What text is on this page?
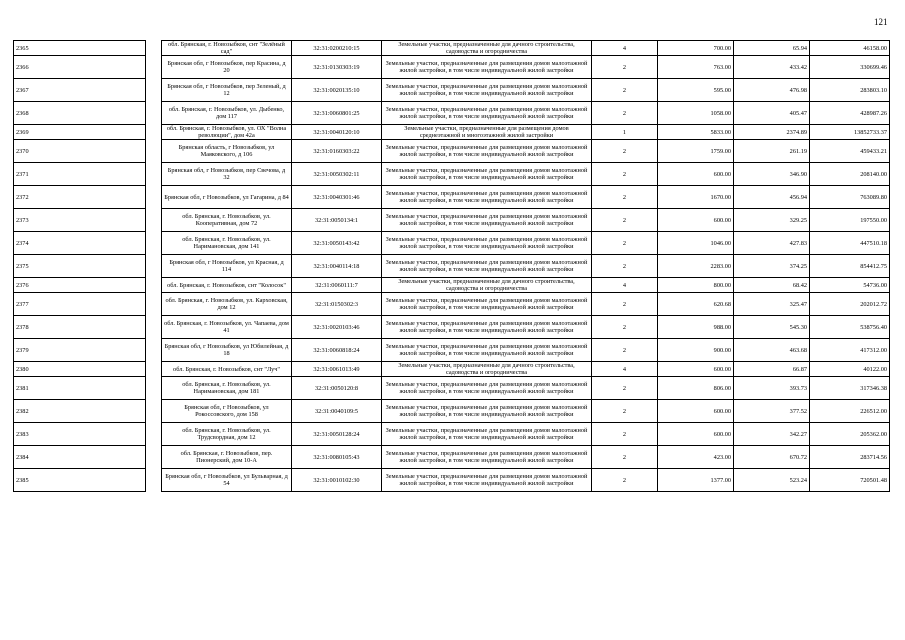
121
2365		обл. Брянская, г. Новозыбков, снт "Зелёный сад"	32:31:0200210:15	Земельные участки, предназначенные для дачного строительства, садоводства и огородничества	4	700.00	65.94	46158.00
2366		Брянская обл, г Новозыбков, пер Красина, д 20	32:31:0130303:19	Земельные участки, предназначенные для размещения домов малоэтажной жилой застройки, в том числе индивидуальной жилой застройки	2	763.00	433.42	330699.46
2367		Брянская обл, г Новозыбков, пер Зеленый, д 12	32:31:0020135:10	Земельные участки, предназначенные для размещения домов малоэтажной жилой застройки, в том числе индивидуальной жилой застройки	2	595.00	476.98	283803.10
2368		обл. Брянская, г. Новозыбков, ул. Дыбенко, дом 117	32:31:0060801:25	Земельные участки, предназначенные для размещения домов малоэтажной жилой застройки, в том числе индивидуальной жилой застройки	2	1058.00	405.47	428987.26
2369		обл. Брянская, г. Новозыбков, ул. ОХ "Волна революции", дом 42а	32:31:0040120:10	Земельные участки, предназначенные для размещения домов среднеэтажной и многоэтажной жилой застройки	1	5833.00	2374.89	13852733.37
2370		Брянская область, г Новозыбков, ул Маяковского, д 106	32:31:0160303:22	Земельные участки, предназначенные для размещения домов малоэтажной жилой застройки, в том числе индивидуальной жилой застройки	2	1759.00	261.19	459433.21
2371		Брянская обл, г Новозыбков, пер Свечова, д 32	32:31:0050302:11	Земельные участки, предназначенные для размещения домов малоэтажной жилой застройки, в том числе индивидуальной жилой застройки	2	600.00	346.90	208140.00
2372		Брянская обл, г Новозыбков, ул Гагарина, д 84	32:31:0040301:46	Земельные участки, предназначенные для размещения домов малоэтажной жилой застройки, в том числе индивидуальной жилой застройки	2	1670.00	456.94	763089.80
2373		обл. Брянская, г. Новозыбков, ул. Кооперативная, дом 72	32:31:0050134:1	Земельные участки, предназначенные для размещения домов малоэтажной жилой застройки, в том числе индивидуальной жилой застройки	2	600.00	329.25	197550.00
2374		обл. Брянская, г. Новозыбков, ул. Наримановская, дом 141	32:31:0050143:42	Земельные участки, предназначенные для размещения домов малоэтажной жилой застройки, в том числе индивидуальной жилой застройки	2	1046.00	427.83	447510.18
2375		Брянская обл, г Новозыбков, ул Красная, д 114	32:31:0040114:18	Земельные участки, предназначенные для размещения домов малоэтажной жилой застройки, в том числе индивидуальной жилой застройки	2	2283.00	374.25	854412.75
2376		обл. Брянская, г. Новозыбков, снт "Колосок"	32:31:0060111:7	Земельные участки, предназначенные для дачного строительства, садоводства и огородничества	4	800.00	68.42	54736.00
2377		обл. Брянская, г. Новозыбков, ул. Карховская, дом 12	32:31:0150302:3	Земельные участки, предназначенные для размещения домов малоэтажной жилой застройки, в том числе индивидуальной жилой застройки	2	620.68	325.47	202012.72
2378		обл. Брянская, г. Новозыбков, ул. Чапаева, дом 41	32:31:0020103:46	Земельные участки, предназначенные для размещения домов малоэтажной жилой застройки, в том числе индивидуальной жилой застройки	2	988.00	545.30	538756.40
2379		Брянская обл, г Новозыбков, ул Юбилейная, д 18	32:31:0060818:24	Земельные участки, предназначенные для размещения домов малоэтажной жилой застройки, в том числе индивидуальной жилой застройки	2	900.00	463.68	417312.00
2380		обл. Брянская, г. Новозыбков, снт "Луч"	32:31:0061013:49	Земельные участки, предназначенные для дачного строительства, садоводства и огородничества	4	600.00	66.87	40122.00
2381		обл. Брянская, г. Новозыбков, ул. Наримановская, дом 181	32:31:0050120:8	Земельные участки, предназначенные для размещения домов малоэтажной жилой застройки, в том числе индивидуальной жилой застройки	2	806.00	393.73	317346.38
2382		Брянская обл, г Новозыбков, ул Рокоссовского, дом 158	32:31:0040109:5	Земельные участки, предназначенные для размещения домов малоэтажной жилой застройки, в том числе индивидуальной жилой застройки	2	600.00	377.52	226512.00
2383		обл. Брянская, г. Новозыбков, ул. Трудсвордная, дом 12	32:31:0050128:24	Земельные участки, предназначенные для размещения домов малоэтажной жилой застройки, в том числе индивидуальной жилой застройки	2	600.00	342.27	205362.00
2384		обл. Брянская, г. Новозыбков, пер. Пионерский, дом 10-А	32:31:0080105:43	Земельные участки, предназначенные для размещения домов малоэтажной жилой застройки, в том числе индивидуальной жилой застройки	2	423.00	670.72	283714.56
2385		Брянская обл, г Новозыбков, ул Бульварная, д 54	32:31:0010102:30	Земельные участки, предназначенные для размещения домов малоэтажной жилой застройки, в том числе индивидуальной жилой застройки	2	1377.00	523.24	720501.48
